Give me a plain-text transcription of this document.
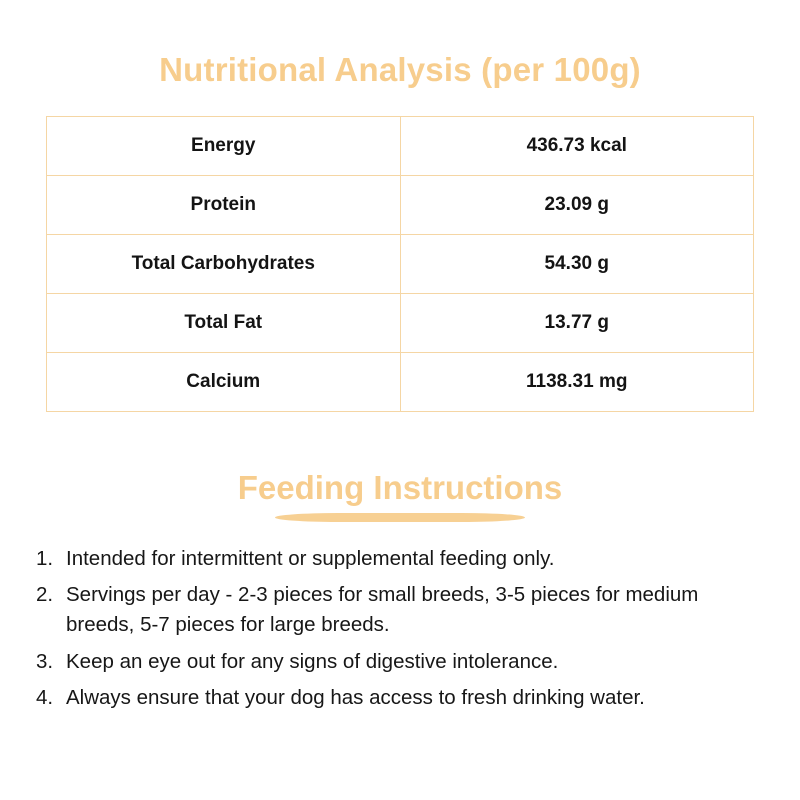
Nutritional Analysis (per 100g)
Energy	436.73 kcal
Protein	23.09 g
Total Carbohydrates	54.30 g
Total Fat	13.77 g
Calcium	1138.31 mg
Feeding Instructions
Intended for intermittent or supplemental feeding only.
Servings per day - 2-3 pieces for small breeds, 3-5 pieces for medium breeds, 5-7 pieces for large breeds.
Keep an eye out for any signs of digestive intolerance.
Always ensure that your dog has access to fresh drinking water.
